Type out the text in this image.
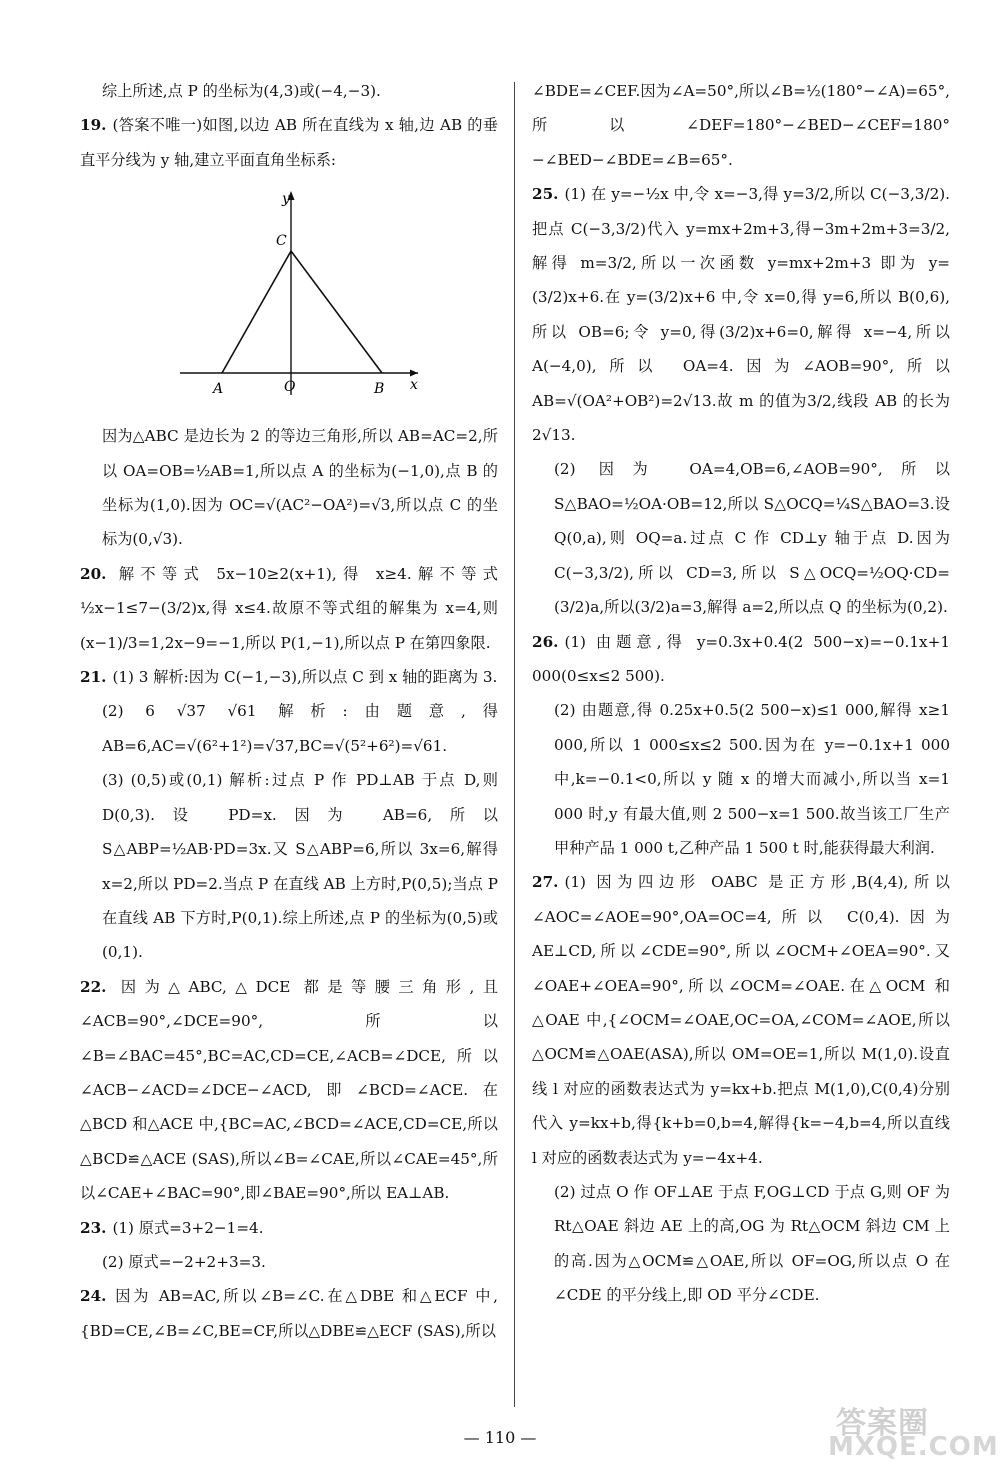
综上所述,点 P 的坐标为(4,3)或(−4,−3).

19. (答案不唯一)如图,以边 AB 所在直线为 x 轴,边 AB 的垂直平分线为 y 轴,建立平面直角坐标系:

y
x
C
A	O	B

因为△ABC 是边长为 2 的等边三角形,所以 AB=AC=2,所以 OA=OB=½AB=1,所以点 A 的坐标为(−1,0),点 B 的坐标为(1,0).因为 OC=√(AC²−OA²)=√3,所以点 C 的坐标为(0,√3).

20. 解不等式 5x−10≥2(x+1),得 x≥4.解不等式 ½x−1≤7−(3/2)x,得 x≤4.故原不等式组的解集为 x=4,则 (x−1)/3=1,2x−9=−1,所以 P(1,−1),所以点 P 在第四象限.

21. (1) 3 解析:因为 C(−1,−3),所以点 C 到 x 轴的距离为 3.

(2) 6 √37 √61 解析:由题意,得 AB=6,AC=√(6²+1²)=√37,BC=√(5²+6²)=√61.

(3) (0,5)或(0,1) 解析:过点 P 作 PD⊥AB 于点 D,则 D(0,3).设 PD=x.因为 AB=6,所以 S△ABP=½AB·PD=3x.又 S△ABP=6,所以 3x=6,解得 x=2,所以 PD=2.当点 P 在直线 AB 上方时,P(0,5);当点 P 在直线 AB 下方时,P(0,1).综上所述,点 P 的坐标为(0,5)或(0,1).

22. 因为△ABC,△DCE 都是等腰三角形,且∠ACB=90°,∠DCE=90°,所以∠B=∠BAC=45°,BC=AC,CD=CE,∠ACB=∠DCE,所以∠ACB−∠ACD=∠DCE−∠ACD,即∠BCD=∠ACE.在△BCD 和△ACE 中,{BC=AC,∠BCD=∠ACE,CD=CE,所以△BCD≌△ACE (SAS),所以∠B=∠CAE,所以∠CAE=45°,所以∠CAE+∠BAC=90°,即∠BAE=90°,所以 EA⊥AB.

23. (1) 原式=3+2−1=4.

(2) 原式=−2+2+3=3.

24. 因为 AB=AC,所以∠B=∠C.在△DBE 和△ECF 中,{BD=CE,∠B=∠C,BE=CF,所以△DBE≌△ECF (SAS),所以

∠BDE=∠CEF.因为∠A=50°,所以∠B=½(180°−∠A)=65°,所以∠DEF=180°−∠BED−∠CEF=180°−∠BED−∠BDE=∠B=65°.

25. (1) 在 y=−½x 中,令 x=−3,得 y=3/2,所以 C(−3,3/2).把点 C(−3,3/2)代入 y=mx+2m+3,得−3m+2m+3=3/2,解得 m=3/2,所以一次函数 y=mx+2m+3 即为 y=(3/2)x+6.在 y=(3/2)x+6 中,令 x=0,得 y=6,所以 B(0,6),所以 OB=6;令 y=0,得(3/2)x+6=0,解得 x=−4,所以 A(−4,0),所以 OA=4.因为∠AOB=90°,所以 AB=√(OA²+OB²)=2√13.故 m 的值为3/2,线段 AB 的长为 2√13.

(2) 因为 OA=4,OB=6,∠AOB=90°,所以 S△BAO=½OA·OB=12,所以 S△OCQ=¼S△BAO=3.设 Q(0,a),则 OQ=a.过点 C 作 CD⊥y 轴于点 D.因为 C(−3,3/2),所以 CD=3,所以 S△OCQ=½OQ·CD=(3/2)a,所以(3/2)a=3,解得 a=2,所以点 Q 的坐标为(0,2).

26. (1) 由题意,得 y=0.3x+0.4(2 500−x)=−0.1x+1 000(0≤x≤2 500).

(2) 由题意,得 0.25x+0.5(2 500−x)≤1 000,解得 x≥1 000,所以 1 000≤x≤2 500.因为在 y=−0.1x+1 000 中,k=−0.1<0,所以 y 随 x 的增大而减小,所以当 x=1 000 时,y 有最大值,则 2 500−x=1 500.故当该工厂生产甲种产品 1 000 t,乙种产品 1 500 t 时,能获得最大利润.

27. (1) 因为四边形 OABC 是正方形,B(4,4),所以∠AOC=∠AOE=90°,OA=OC=4,所以 C(0,4).因为 AE⊥CD,所以∠CDE=90°,所以∠OCM+∠OEA=90°.又∠OAE+∠OEA=90°,所以∠OCM=∠OAE.在△OCM 和△OAE 中,{∠OCM=∠OAE,OC=OA,∠COM=∠AOE,所以△OCM≌△OAE(ASA),所以 OM=OE=1,所以 M(1,0).设直线 l 对应的函数表达式为 y=kx+b.把点 M(1,0),C(0,4)分别代入 y=kx+b,得{k+b=0,b=4,解得{k=−4,b=4,所以直线 l 对应的函数表达式为 y=−4x+4.

(2) 过点 O 作 OF⊥AE 于点 F,OG⊥CD 于点 G,则 OF 为 Rt△OAE 斜边 AE 上的高,OG 为 Rt△OCM 斜边 CM 上的高.因为△OCM≌△OAE,所以 OF=OG,所以点 O 在∠CDE 的平分线上,即 OD 平分∠CDE.

— 110 —	答案圈
MXQE.COM
